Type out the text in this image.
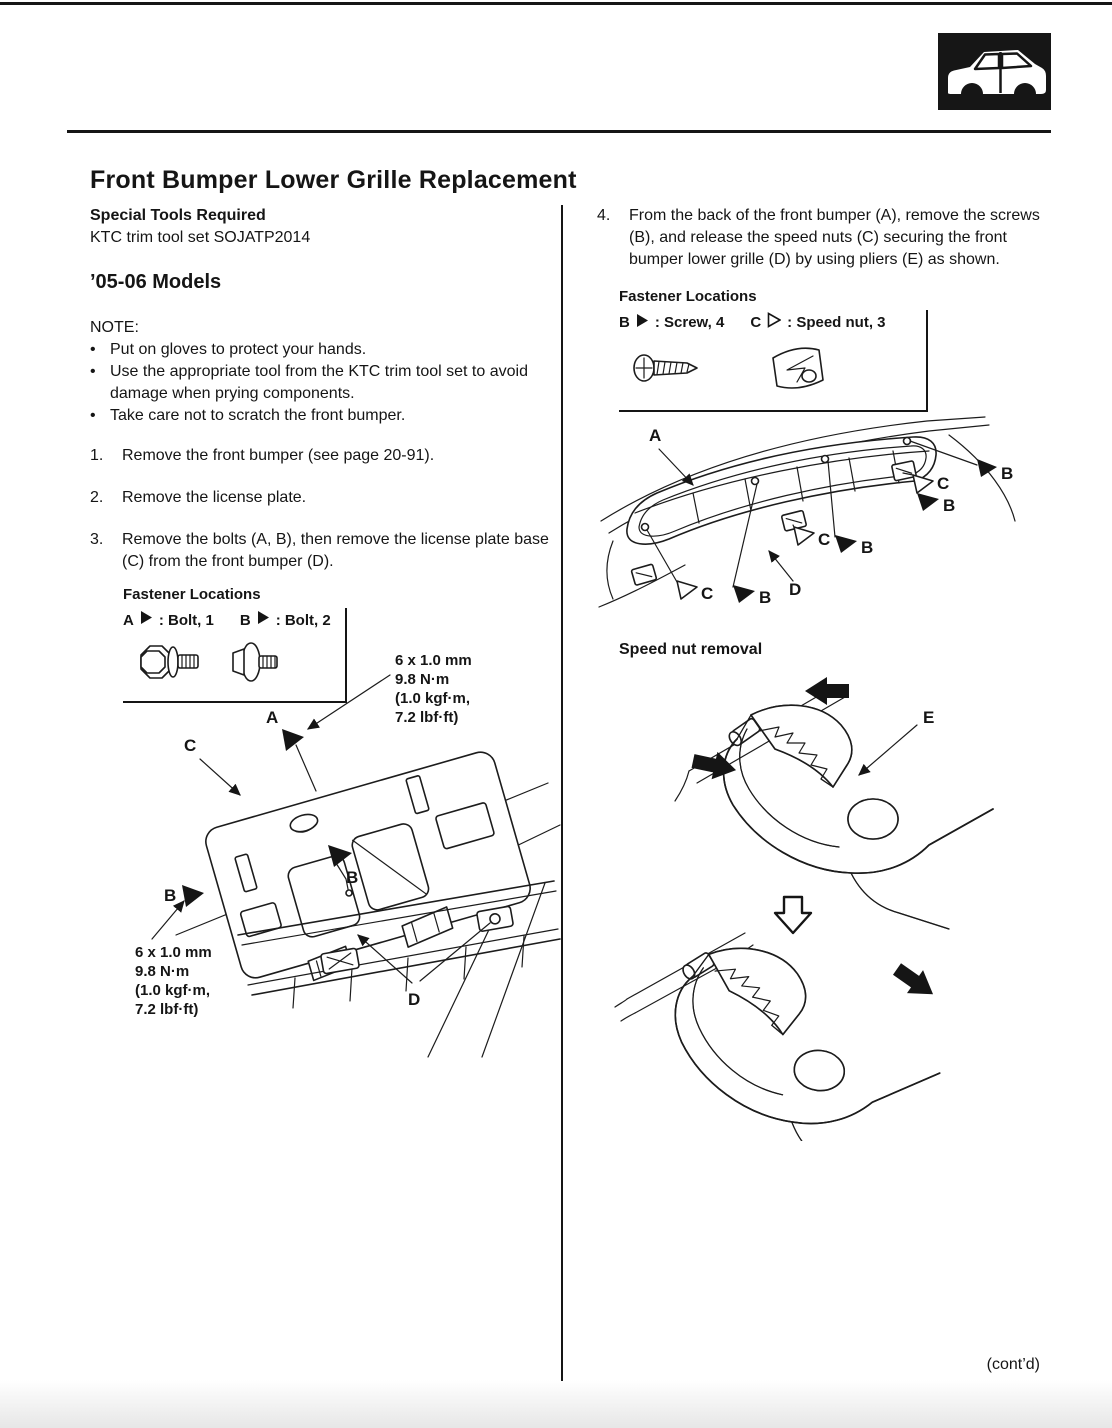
Front Bumper Lower Grille Replacement

Special Tools Required

KTC trim tool set SOJATP2014

’05-06 Models

NOTE:

• Put on gloves to protect your hands.
• Use the appropriate tool from the KTC trim tool set to avoid damage when prying components.
• Take care not to scratch the front bumper.
1.	Remove the front bumper (see page 20-91).
2.	Remove the license plate.
3.	Remove the bolts (A, B), then remove the license plate base (C) from the front bumper (D).
Fastener Locations
A : Bolt, 1 B : Bolt, 2
6 x 1.0 mm
9.8 N·m
(1.0 kgf·m,
7.2 lbf·ft)
6 x 1.0 mm
9.8 N·m
(1.0 kgf·m,
7.2 lbf·ft)
A
C
B
B
D
4.	From the back of the front bumper (A), remove the screws (B), and release the speed nuts (C) securing the front bumper lower grille (D) by using pliers (E) as shown.
Fastener Locations
B : Screw, 4 C : Speed nut, 3
A
B
B
B
B
C
C
C	D

Speed nut removal

E
(cont’d)
